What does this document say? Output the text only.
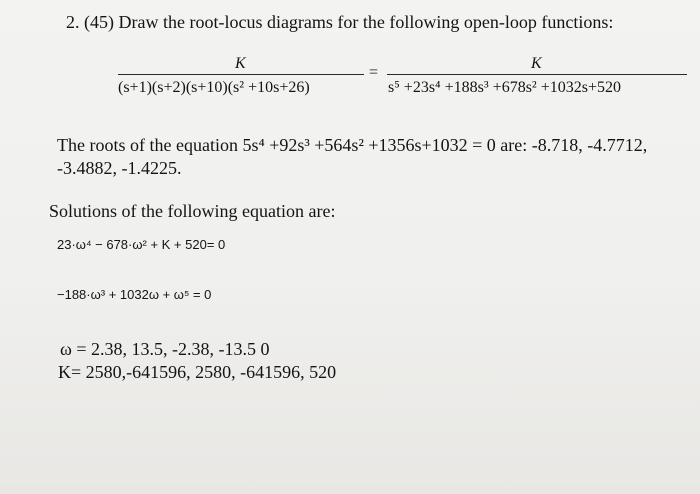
2. (45) Draw the root-locus diagrams for the following open-loop functions:
K
(s+1)(s+2)(s+10)(s² +10s+26)
=
K
s⁵ +23s⁴ +188s³ +678s² +1032s+520
The roots of the equation 5s⁴ +92s³ +564s² +1356s+1032 = 0 are: -8.718, -4.7712,
-3.4882, -1.4225.
Solutions of the following equation are:
23·ω⁴ − 678·ω² + K + 520= 0
−188·ω³ + 1032ω + ω⁵ = 0
ω = 2.38, 13.5, -2.38, -13.5 0
K= 2580,-641596, 2580, -641596, 520
